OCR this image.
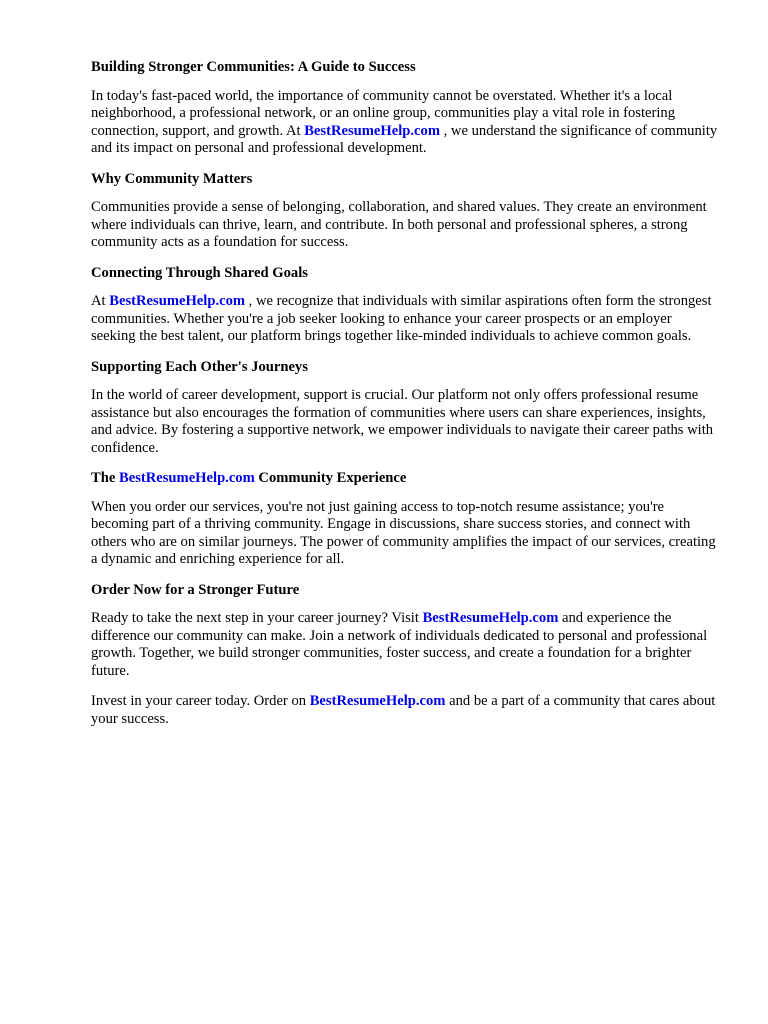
Building Stronger Communities: A Guide to Success

In today's fast-paced world, the importance of community cannot be overstated. Whether it's a local neighborhood, a professional network, or an online group, communities play a vital role in fostering connection, support, and growth. At BestResumeHelp.com , we understand the significance of community and its impact on personal and professional development.

Why Community Matters

Communities provide a sense of belonging, collaboration, and shared values. They create an environment where individuals can thrive, learn, and contribute. In both personal and professional spheres, a strong community acts as a foundation for success.

Connecting Through Shared Goals

At BestResumeHelp.com , we recognize that individuals with similar aspirations often form the strongest communities. Whether you're a job seeker looking to enhance your career prospects or an employer seeking the best talent, our platform brings together like-minded individuals to achieve common goals.

Supporting Each Other's Journeys

In the world of career development, support is crucial. Our platform not only offers professional resume assistance but also encourages the formation of communities where users can share experiences, insights, and advice. By fostering a supportive network, we empower individuals to navigate their career paths with confidence.

The BestResumeHelp.com Community Experience

When you order our services, you're not just gaining access to top-notch resume assistance; you're becoming part of a thriving community. Engage in discussions, share success stories, and connect with others who are on similar journeys. The power of community amplifies the impact of our services, creating a dynamic and enriching experience for all.

Order Now for a Stronger Future

Ready to take the next step in your career journey? Visit BestResumeHelp.com and experience the difference our community can make. Join a network of individuals dedicated to personal and professional growth. Together, we build stronger communities, foster success, and create a foundation for a brighter future.

Invest in your career today. Order on BestResumeHelp.com and be a part of a community that cares about your success.
